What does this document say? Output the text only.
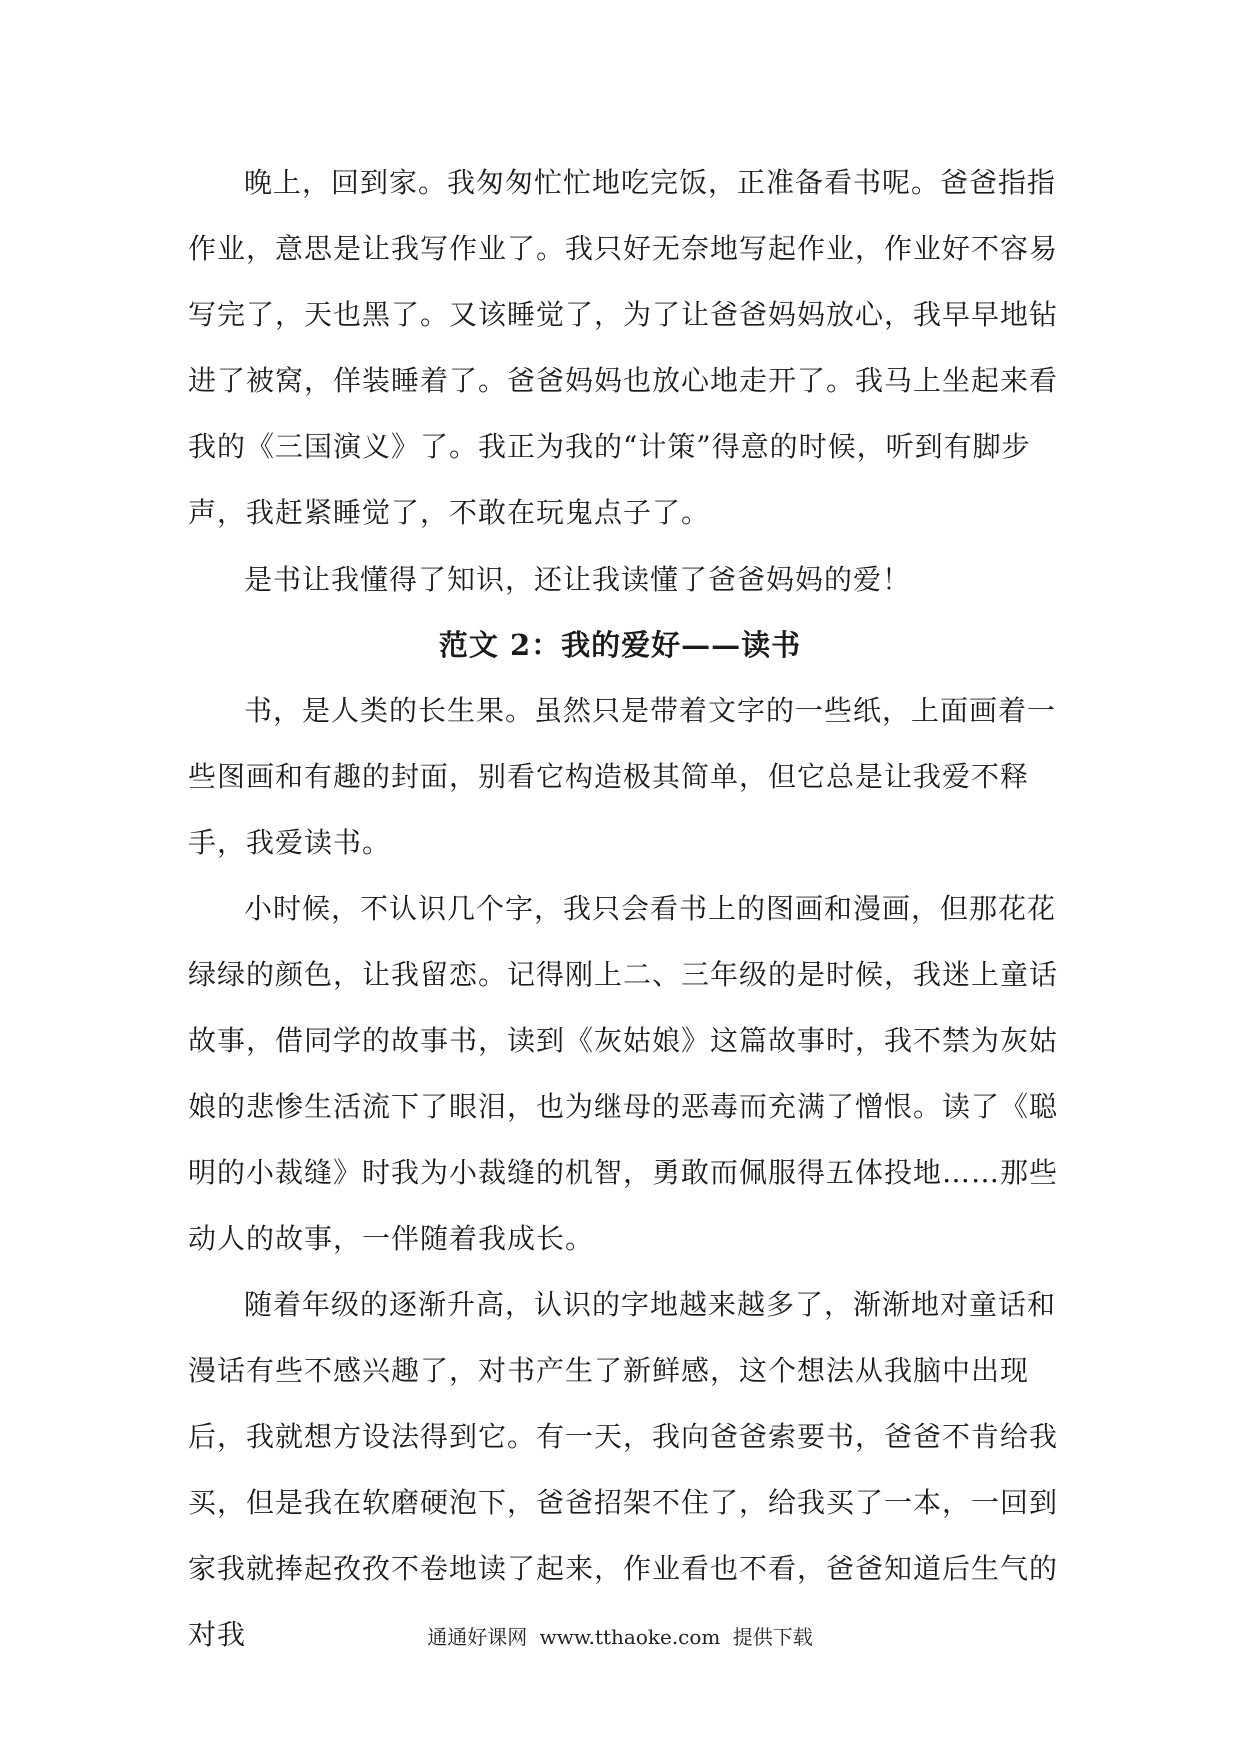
晚上，回到家。我匆匆忙忙地吃完饭，正准备看书呢。爸爸指指作业，意思是让我写作业了。我只好无奈地写起作业，作业好不容易写完了，天也黑了。又该睡觉了，为了让爸爸妈妈放心，我早早地钻进了被窝，佯装睡着了。爸爸妈妈也放心地走开了。我马上坐起来看我的《三国演义》了。我正为我的“计策”得意的时候，听到有脚步声，我赶紧睡觉了，不敢在玩鬼点子了。

是书让我懂得了知识，还让我读懂了爸爸妈妈的爱！

范文 2：我的爱好——读书

书，是人类的长生果。虽然只是带着文字的一些纸，上面画着一些图画和有趣的封面，别看它构造极其简单，但它总是让我爱不释手，我爱读书。

小时候，不认识几个字，我只会看书上的图画和漫画，但那花花绿绿的颜色，让我留恋。记得刚上二、三年级的是时候，我迷上童话故事，借同学的故事书，读到《灰姑娘》这篇故事时，我不禁为灰姑娘的悲惨生活流下了眼泪，也为继母的恶毒而充满了憎恨。读了《聪明的小裁缝》时我为小裁缝的机智，勇敢而佩服得五体投地……那些动人的故事，一伴随着我成长。

随着年级的逐渐升高，认识的字地越来越多了，渐渐地对童话和漫话有些不感兴趣了，对书产生了新鲜感，这个想法从我脑中出现后，我就想方设法得到它。有一天，我向爸爸索要书，爸爸不肯给我买，但是我在软磨硬泡下，爸爸招架不住了，给我买了一本，一回到家我就捧起孜孜不卷地读了起来，作业看也不看，爸爸知道后生气的对我	通通好课网 www.tthaoke.com 提供下载
